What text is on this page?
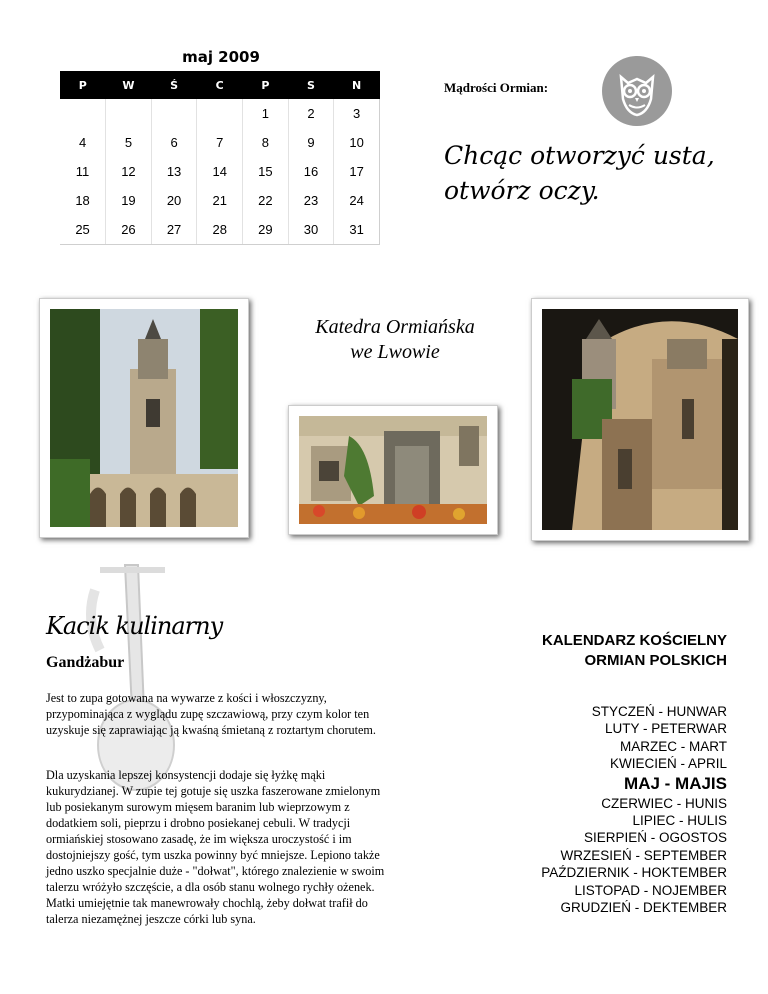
maj 2009
P	W	Ś	C	P	S	N
				1	2	3
4	5	6	7	8	9	10
11	12	13	14	15	16	17
18	19	20	21	22	23	24
25	26	27	28	29	30	31
Mądrości Ormian:
Chcąc otworzyć usta,
otwórz oczy.
Katedra Ormiańska
we Lwowie
Kacik kulinarny
Gandżabur
Jest to zupa gotowana na wywarze z kości i włoszczyzny, przypominająca z wyglądu zupę szczawiową, przy czym kolor ten uzyskuje się zaprawiając ją kwaśną śmietaną z roztartym chorutem.
Dla uzyskania lepszej konsystencji dodaje się łyżkę mąki kukurydzianej. W zupie tej gotuje się uszka faszerowane zmielonym lub posiekanym surowym mięsem baranim lub wieprzowym z dodatkiem soli, pieprzu i drobno posiekanej cebuli. W tradycji ormiańskiej stosowano zasadę, że im większa uroczystość i im dostojniejszy gość, tym uszka powinny być mniejsze. Lepiono także jedno uszko specjalnie duże - "dołwat", którego znalezienie w swoim talerzu wróżyło szczęście, a dla osób stanu wolnego rychły ożenek. Matki umiejętnie tak manewrowały chochlą, żeby dołwat trafił do talerza niezamężnej jeszcze córki lub syna.
KALENDARZ KOŚCIELNY
ORMIAN POLSKICH
STYCZEŃ - HUNWAR
LUTY - PETERWAR
MARZEC - MART
KWIECIEŃ - APRIL
MAJ - MAJIS
CZERWIEC - HUNIS
LIPIEC - HULIS
SIERPIEŃ - OGOSTOS
WRZESIEŃ - SEPTEMBER
PAŹDZIERNIK - HOKTEMBER
LISTOPAD - NOJEMBER
GRUDZIEŃ - DEKTEMBER
